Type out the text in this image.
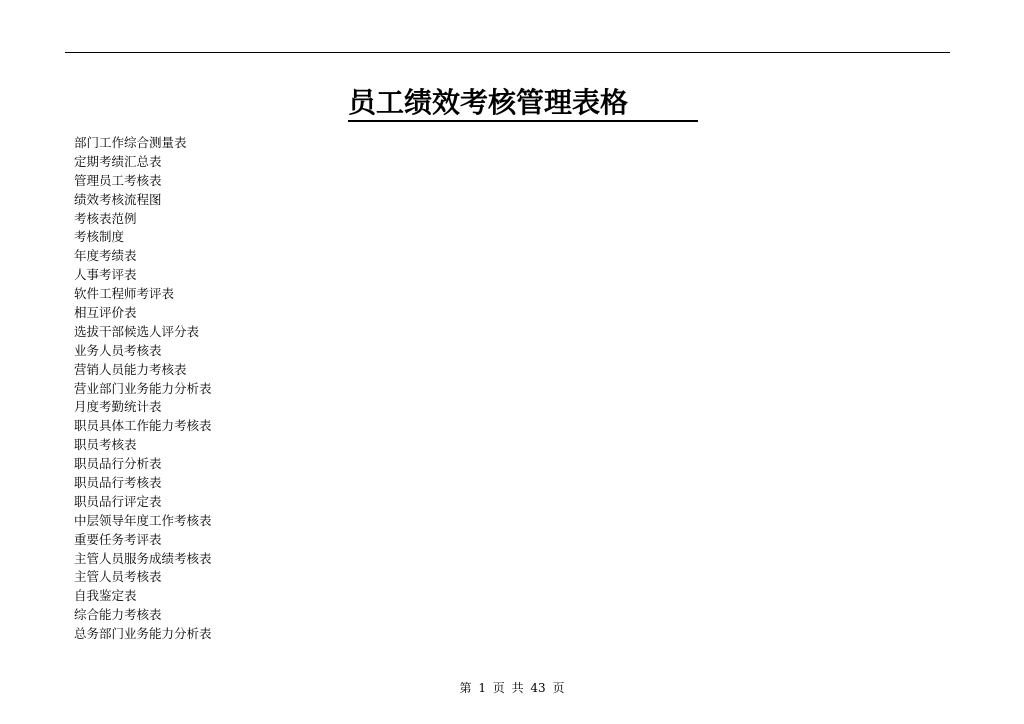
员工绩效考核管理表格
部门工作综合测量表
定期考绩汇总表
管理员工考核表
绩效考核流程图
考核表范例
考核制度
年度考绩表
人事考评表
软件工程师考评表
相互评价表
选拔干部候选人评分表
业务人员考核表
营销人员能力考核表
营业部门业务能力分析表
月度考勤统计表
职员具体工作能力考核表
职员考核表
职员品行分析表
职员品行考核表
职员品行评定表
中层领导年度工作考核表
重要任务考评表
主管人员服务成绩考核表
主管人员考核表
自我鉴定表
综合能力考核表
总务部门业务能力分析表
第 1 页 共 43 页
